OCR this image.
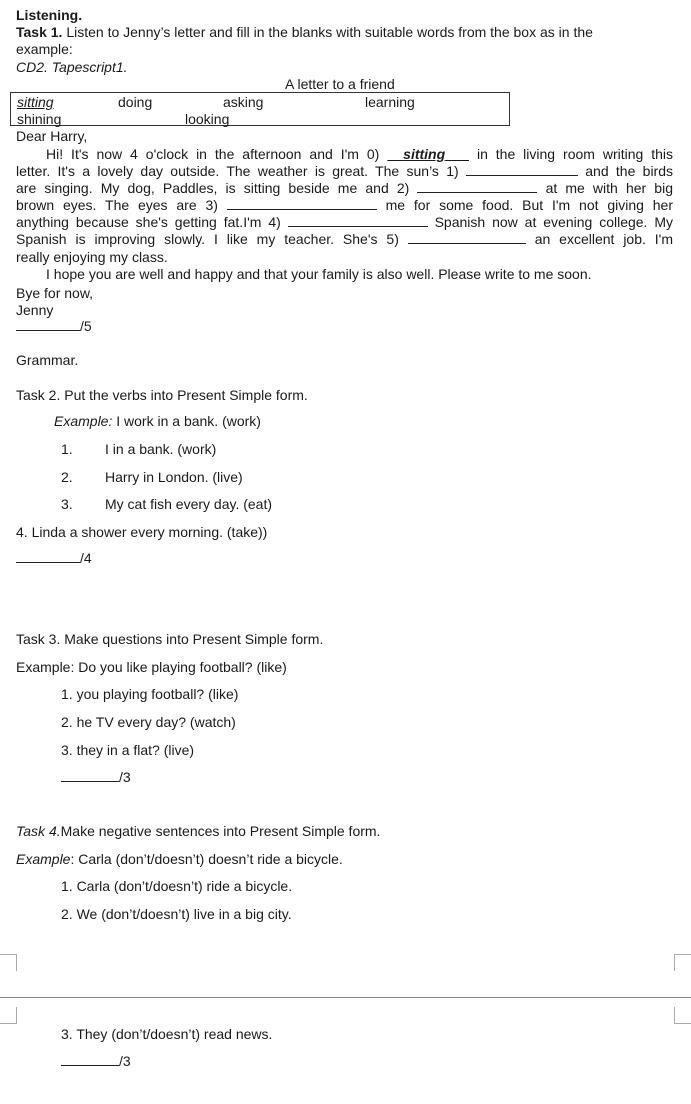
Listening.
Task 1. Listen to Jenny’s letter and fill in the blanks with suitable words from the box as in the
example:
CD2. Tapescript1.
A letter to a friend
sitting	doing	asking	learning
shining	looking
Dear Harry,
Hi! It's now 4 o'clock in the afternoon and I'm 0) sitting in the living room writing this
letter. It's a lovely day outside. The weather is great. The sun’s 1)	and the birds
are singing. My dog, Paddles, is sitting beside me and 2)	at me with her big
brown eyes. The eyes are 3)	me for some food. But I'm not giving her
anything because she's getting fat.I'm 4)	Spanish now at evening college. My
Spanish is improving slowly. I like my teacher. She's 5)	an excellent job. I'm
really enjoying my class.
I hope you are well and happy and that your family is also well. Please write to me soon.
Bye for now,
Jenny
/5
Grammar.
Task 2. Put the verbs into Present Simple form.
Example: I work in a bank. (work)
1. I in a bank. (work)
2. Harry in London. (live)
3. My cat fish every day. (eat)
4. Linda a shower every morning. (take))
/4
Task 3. Make questions into Present Simple form.
Example: Do you like playing football? (like)
1. you playing football? (like)
2. he TV every day? (watch)
3. they in a flat? (live)
/3
Task 4.Make negative sentences into Present Simple form.
Example: Carla (don’t/doesn’t) doesn’t ride a bicycle.
1. Carla (don’t/doesn’t) ride a bicycle.
2. We (don’t/doesn’t) live in a big city.
3. They (don’t/doesn’t) read news.
/3
